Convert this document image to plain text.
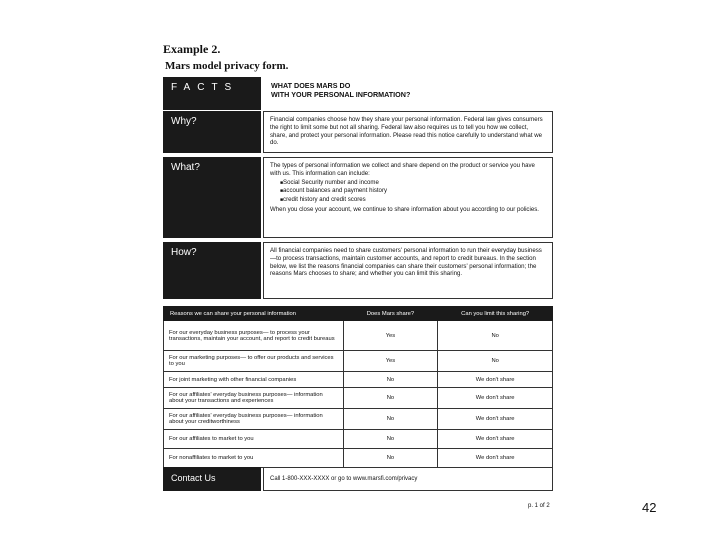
Example 2.
Mars model privacy form.
FACTS	WHAT DOES MARS DO
WITH YOUR PERSONAL INFORMATION?
Why?	Financial companies choose how they share your personal information. Federal law gives consumers the right to limit some but not all sharing. Federal law also requires us to tell you how we collect, share, and protect your personal information. Please read this notice carefully to understand what we do.
What?	The types of personal information we collect and share depend on the product or service you have with us. This information can include:
■ Social Security number and income
■ account balances and payment history
■ credit history and credit scores
When you close your account, we continue to share information about you according to our policies.
How?	All financial companies need to share customers' personal information to run their everyday business—to process transactions, maintain customer accounts, and report to credit bureaus. In the section below, we list the reasons financial companies can share their customers' personal information; the reasons Mars chooses to share; and whether you can limit this sharing.
Reasons we can share your personal information	Does Mars share?	Can you limit this sharing?
For our everyday business purposes— to process your transactions, maintain your account, and report to credit bureaus	Yes	No
For our marketing purposes— to offer our products and services to you	Yes	No
For joint marketing with other financial companies	No	We don't share
For our affiliates' everyday business purposes— information about your transactions and experiences	No	We don't share
For our affiliates' everyday business purposes— information about your creditworthiness	No	We don't share
For our affiliates to market to you	No	We don't share
For nonaffiliates to market to you	No	We don't share
Contact Us	Call 1-800-XXX-XXXX or go to www.marsfi.com/privacy
p. 1 of 2	42
